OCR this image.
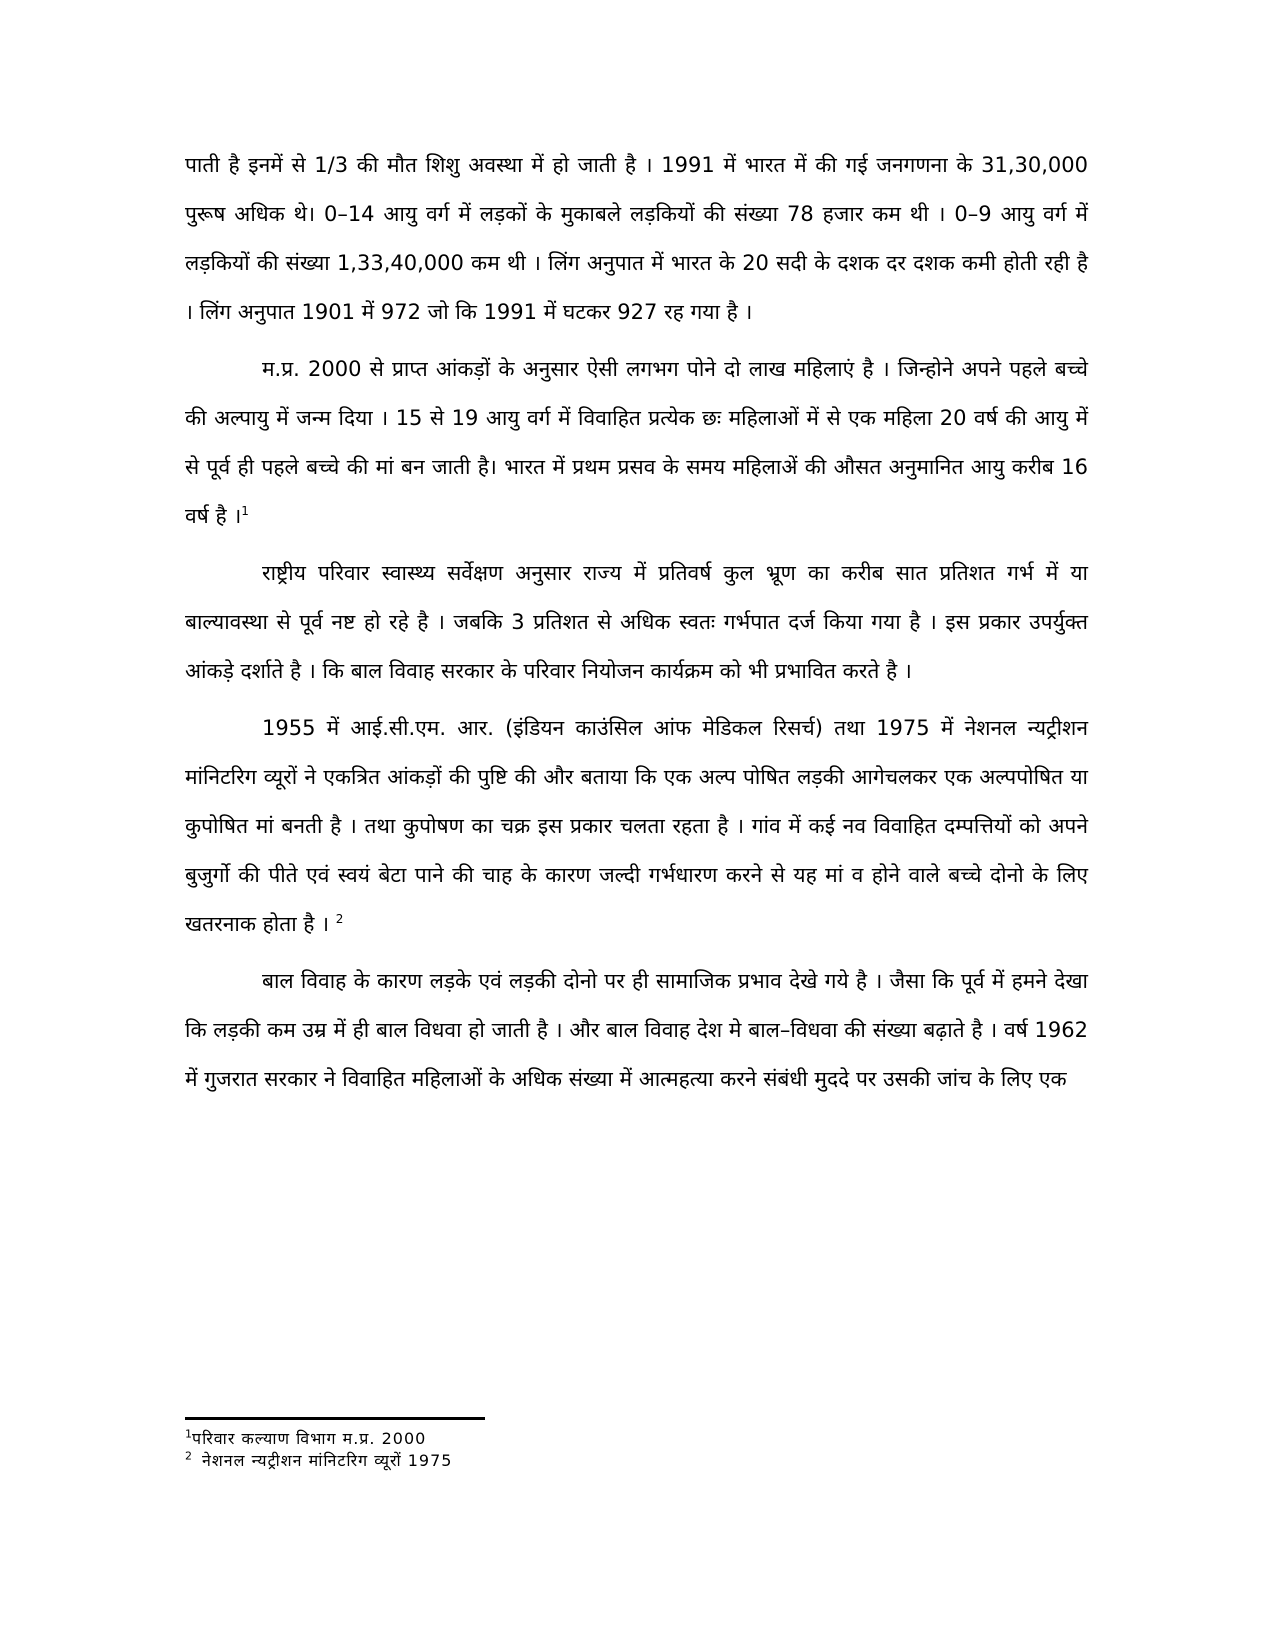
पाती है इनमें से 1/3 की मौत शिशु अवस्था में हो जाती है । 1991 में भारत में की गई जनगणना के 31,30,000 पुरूष अधिक थे। 0–14 आयु वर्ग में लड़कों के मुकाबले लड़कियों की संख्या 78 हजार कम थी । 0–9 आयु वर्ग में लड़कियों की संख्या 1,33,40,000 कम थी । लिंग अनुपात में भारत के 20 सदी के दशक दर दशक कमी होती रही है । लिंग अनुपात 1901 में 972 जो कि 1991 में घटकर 927 रह गया है ।

म.प्र. 2000 से प्राप्त आंकड़ों के अनुसार ऐसी लगभग पोने दो लाख महिलाएं है । जिन्होने अपने पहले बच्चे की अल्पायु में जन्म दिया । 15 से 19 आयु वर्ग में विवाहित प्रत्येक छः महिलाओं में से एक महिला 20 वर्ष की आयु में से पूर्व ही पहले बच्चे की मां बन जाती है। भारत में प्रथम प्रसव के समय महिलाअें की औसत अनुमानित आयु करीब 16 वर्ष है ।$^1$

राष्ट्रीय परिवार स्वास्थ्य सर्वेक्षण अनुसार राज्य में प्रतिवर्ष कुल भ्रूण का करीब सात प्रतिशत गर्भ में या बाल्यावस्था से पूर्व नष्ट हो रहे है । जबकि 3 प्रतिशत से अधिक स्वतः गर्भपात दर्ज किया गया है । इस प्रकार उपर्युक्त आंकड़े दर्शाते है । कि बाल विवाह सरकार के परिवार नियोजन कार्यक्रम को भी प्रभावित करते है ।

1955 में आई.सी.एम. आर. (इंडियन काउंसिल आंफ मेडिकल रिसर्च) तथा 1975 में नेशनल न्यट्रीशन मांनिटरिग व्यूरों ने एकत्रित आंकड़ों की पुष्टि की और बताया कि एक अल्प पोषित लड़की आगेचलकर एक अल्पपोषित या कुपोषित मां बनती है । तथा कुपोषण का चक्र इस प्रकार चलता रहता है । गांव में कई नव विवाहित दम्पत्तियों को अपने बुजुर्गो की पीते एवं स्वयं बेटा पाने की चाह के कारण जल्दी गर्भधारण करने से यह मां व होने वाले बच्चे दोनो के लिए खतरनाक होता है । $^2$

बाल विवाह के कारण लड़के एवं लड़की दोनो पर ही सामाजिक प्रभाव देखे गये है । जैसा कि पूर्व में हमने देखा कि लड़की कम उम्र में ही बाल विधवा हो जाती है । और बाल विवाह देश मे बाल–विधवा की संख्या बढ़ाते है । वर्ष 1962 में गुजरात सरकार ने विवाहित महिलाओं के अधिक संख्या में आत्महत्या करने संबंधी मुददे पर उसकी जांच के लिए एक

$^1$परिवार कल्याण विभाग म.प्र. 2000

$^2$ नेशनल न्यट्रीशन मांनिटरिग व्यूरों 1975
